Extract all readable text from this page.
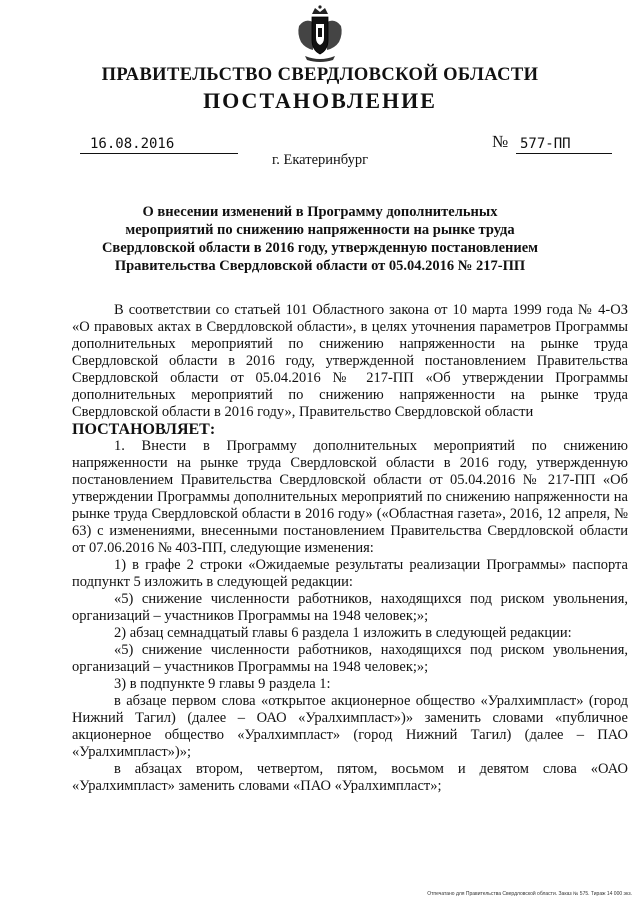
ПРАВИТЕЛЬСТВО СВЕРДЛОВСКОЙ ОБЛАСТИ
ПОСТАНОВЛЕНИЕ
16.08.2016	№ 577-ПП
г. Екатеринбург
О внесении изменений в Программу дополнительных мероприятий по снижению напряженности на рынке труда Свердловской области в 2016 году, утвержденную постановлением Правительства Свердловской области от 05.04.2016 № 217-ПП

В соответствии со статьей 101 Областного закона от 10 марта 1999 года № 4-ОЗ «О правовых актах в Свердловской области», в целях уточнения параметров Программы дополнительных мероприятий по снижению напряженности на рынке труда Свердловской области в 2016 году, утвержденной постановлением Правительства Свердловской области от 05.04.2016 № 217-ПП «Об утверждении Программы дополнительных мероприятий по снижению напряженности на рынке труда Свердловской области в 2016 году», Правительство Свердловской области

ПОСТАНОВЛЯЕТ:

1. Внести в Программу дополнительных мероприятий по снижению напряженности на рынке труда Свердловской области в 2016 году, утвержденную постановлением Правительства Свердловской области от 05.04.2016 № 217-ПП «Об утверждении Программы дополнительных мероприятий по снижению напряженности на рынке труда Свердловской области в 2016 году» («Областная газета», 2016, 12 апреля, № 63) с изменениями, внесенными постановлением Правительства Свердловской области от 07.06.2016 № 403-ПП, следующие изменения:

1) в графе 2 строки «Ожидаемые результаты реализации Программы» паспорта подпункт 5 изложить в следующей редакции:

«5) снижение численности работников, находящихся под риском увольнения, организаций – участников Программы на 1948 человек;»;

2) абзац семнадцатый главы 6 раздела 1 изложить в следующей редакции:

«5) снижение численности работников, находящихся под риском увольнения, организаций – участников Программы на 1948 человек;»;

3) в подпункте 9 главы 9 раздела 1:

в абзаце первом слова «открытое акционерное общество «Уралхимпласт» (город Нижний Тагил) (далее – ОАО «Уралхимпласт»)» заменить словами «публичное акционерное общество «Уралхимпласт» (город Нижний Тагил) (далее – ПАО «Уралхимпласт»)»;

в абзацах втором, четвертом, пятом, восьмом и девятом слова «ОАО «Уралхимпласт» заменить словами «ПАО «Уралхимпласт»;

Отпечатано для Правительства Свердловской области. Заказ № 575. Тираж 14 000 экз.
